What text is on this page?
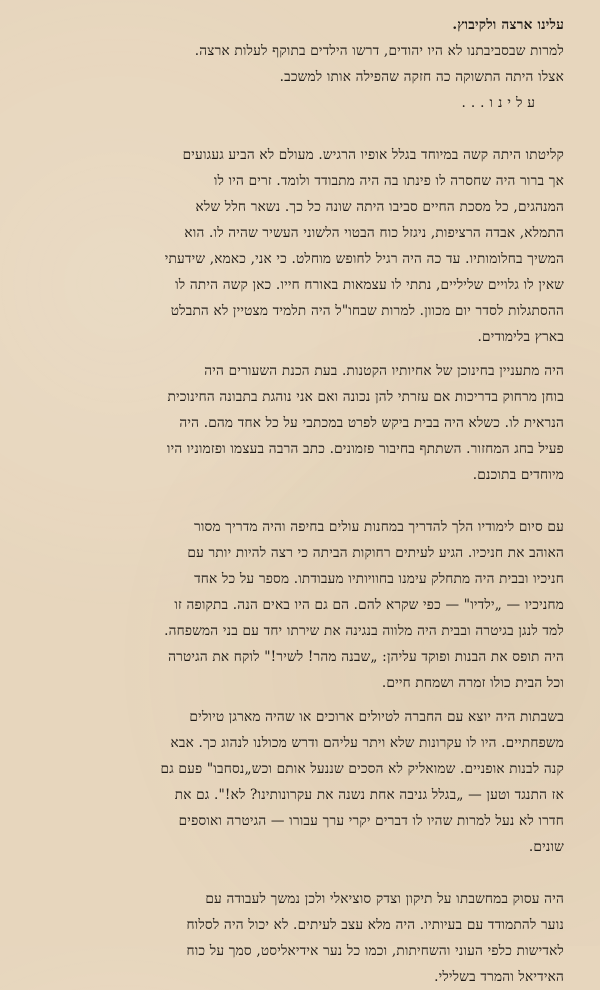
עלינו ארצה ולקיבוץ.
למרות שבסביבתנו לא היו יהודים, דרשו הילדים בתוקף לעלות ארצה.
אצלו היתה התשוקה כה חזקה שהפילה אותו למשכב.
עלינו...
קליטתו היתה קשה במיוחד בגלל אופיו הרגיש. מעולם לא הביע געגועים
אך ברור היה שחסרה לו פינתו בה היה מתבודד ולומד. זרים היו לו
המנהגים, כל מסכת החיים סביבו היתה שונה כל כך. נשאר חלל שלא
התמלא, אבדה הרציפות, ניגזל כוח הבטוי הלשוני העשיר שהיה לו. הוא
המשיך בחלומותיו. עד כה היה רגיל לחופש מוחלט. כי אני, כאמא, שידעתי
שאין לו גלויים שליליים, נתתי לו עצמאות באורח חייו. כאן קשה היתה לו
ההסתגלות לסדר יום מכוון. למרות שבחו"ל היה תלמיד מצטיין לא התבלט
בארץ בלימודים.
היה מתעניין בחינוכן של אחיותיו הקטנות. בעת הכנת השעורים היה
בוחן מרחוק בדריכות אם עזרתי להן נכונה ואם אני נוהגת בתבונה החינוכית
הנראית לו. כשלא היה בבית ביקש לפרט במכתבי על כל אחד מהם. היה
פעיל בחג המחזור. השתתף בחיבור פזמונים. כתב הרבה בעצמו ופזמוניו היו
מיוחדים בתוכנם.
עם סיום לימודיו הלך להדריך במחנות עולים בחיפה והיה מדריך מסור
האוהב את חניכיו. הגיע לעיתים רחוקות הביתה כי רצה להיות יותר עם
חניכיו ובבית היה מתחלק עימנו בחוויותיו מעבודתו. מספר על כל אחד
מחניכיו — „ילדיו" — כפי שקרא להם. הם גם היו באים הנה. בתקופה זו
למד לנגן בגיטרה ובבית היה מלווה בנגינה את שירתו יחד עם בני המשפחה.
היה תופס את הבנות ופוקד עליהן: „שבנה מהר! לשיר!" לוקח את הגיטרה
וכל הבית כולו זמרה ושמחת חיים.
בשבתות היה יוצא עם החברה לטיולים ארוכים או שהיה מארגן טיולים
משפחתיים. היו לו עקרונות שלא ויתר עליהם ודרש מכולנו לנהוג כך. אבא
קנה לבנות אופניים. שמואליק לא הסכים שננעל אותם וכש„נסחבו" פעם גם
אז התנגד וטען — „בגלל גניבה אחת נשנה את עקרונותינו? לא!". גם את
חדרו לא נעל למרות שהיו לו דברים יקרי ערך עבורו — הגיטרה ואוספים
שונים.
היה עסוק במחשבתו על תיקון וצדק סוציאלי ולכן נמשך לעבודה עם
נוער להתמודד עם בעיותיו. היה מלא עצב לעיתים. לא יכול היה לסלוח
לאדישות כלפי העוני והשחיתות, וכמו כל נער אידיאליסט, סמך על כוח
האידיאל והמרד בשלילי.
